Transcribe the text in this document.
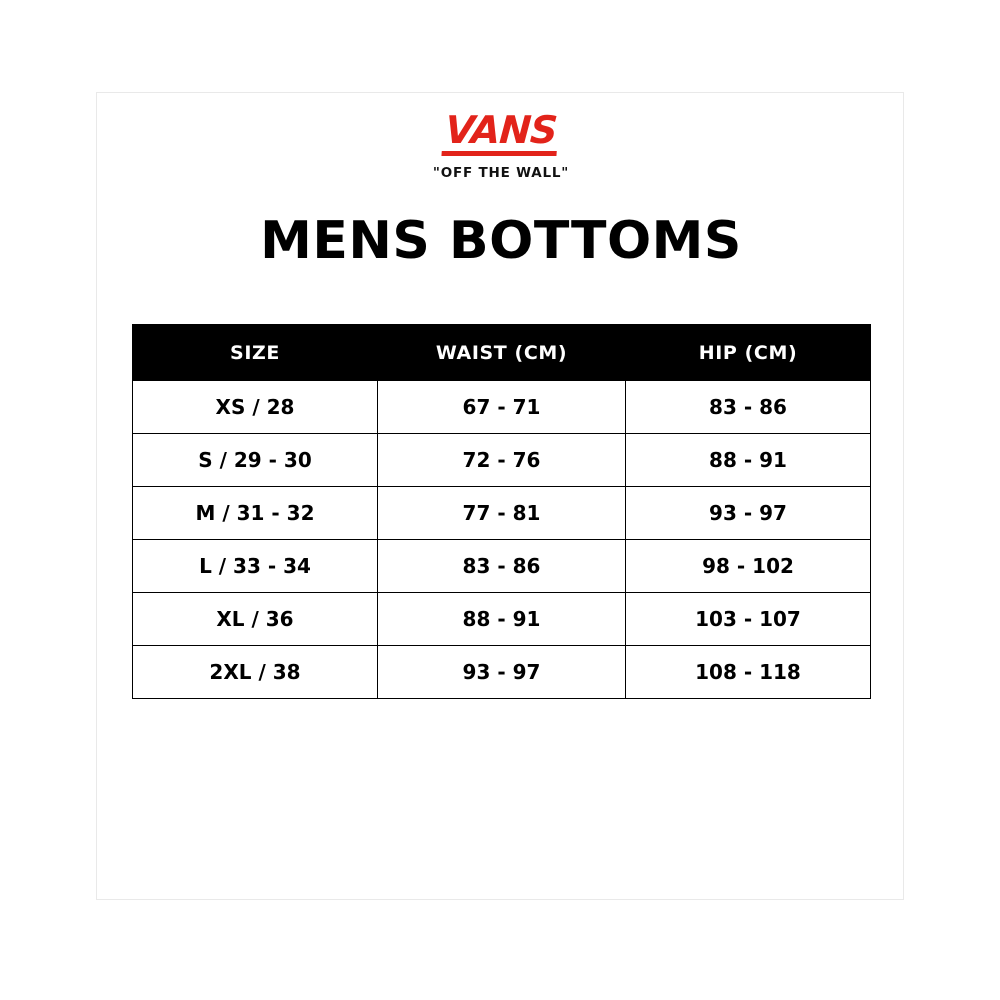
VANS
"OFF THE WALL"
MENS BOTTOMS
SIZE	WAIST (CM)	HIP (CM)
XS / 28	67 - 71	83 - 86
S / 29 - 30	72 - 76	88 - 91
M / 31 - 32	77 - 81	93 - 97
L / 33 - 34	83 - 86	98 - 102
XL / 36	88 - 91	103 - 107
2XL / 38	93 - 97	108 - 118
